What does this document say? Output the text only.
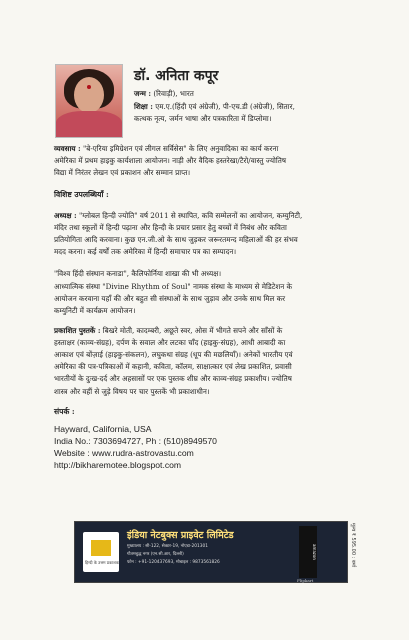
डॉ. अनिता कपूर
जन्म : (रिवाड़ी), भारत
शिक्षा : एम.ए.(हिंदी एवं अंग्रेजी), पी-एच.डी (अंग्रेजी), सितार,
कत्थक नृत्य, जर्मन भाषा और पत्रकारिता में डिप्लोमा।
व्यवसाय : "बे-एरिया इमिग्रेशन एवं लीगल सर्विसेस" के लिए अनुवादिका का कार्य करना
अमेरिका में प्रथम हाइकु कार्यशाला आयोजन। नाड़ी और वैदिक हस्तरेखा/टैरो/वास्तु ज्योतिष
विद्या में निरंतर लेखन एवं प्रकाशन और सम्मान प्राप्त।
विशिष्ट उपलब्धियाँ :
अध्यक्ष : "ग्लोबल हिन्दी ज्योति" वर्ष 2011 से स्थापित, कवि सम्मेलनों का आयोजन, कम्युनिटी,
मंदिर तथा स्कूलों में हिन्दी पढ़ाना और हिन्दी के प्रचार प्रसार हेतु बच्चों में निबंध और कविता
प्रतियोगिता आदि करवाना। कुछ एन.जी.ओ के साथ जुड़कर जरूरतमन्द महिलाओं की हर संभव
मदद करना। कई वर्षों तक अमेरिका में हिन्दी समाचार पत्र का सम्पादन।
"विश्व हिंदी संस्थान कनाडा", कैलिफोर्निया शाखा की भी अध्यक्ष।
आध्यात्मिक संस्था "Divine Rhythm of Soul" नामक संस्था के माध्यम से मेडिटेशन के
आयोजन करवाना यहाँ की और बहुत सी संस्थाओं के साथ जुड़ाव और उनके साथ मिल कर
कम्युनिटी में कार्यक्रम आयोजन।
प्रकाशित पुस्तकें : बिखरे मोती, कादम्बरी, अछूते स्वर, ओस में भीगते सपने और साँसों के
हस्ताक्षर (काव्य-संग्रह), दर्पण के सवाल और लटका चाँद (हाइकु-संग्रह), आधी आबादी का
आकाश एवं बोंज़ाई (हाइकु-संकलन), लघुकथा संग्रह (धूप की मछलियाँ)। अनेकों भारतीय एवं
अमेरिका की पत्र-पत्रिकाओं में कहानी, कविता, कॉलम, साक्षात्कार एवं लेख प्रकाशित, प्रवासी
भारतीयों के दुःख-दर्द और अहसासों पर एक पुस्तक शीघ्र और काव्य-संग्रह प्रकाशीय। ज्योतिष
शास्त्र और वहीं से जुड़े विषय पर चार पुस्तकें भी प्रकाशाधीन।
संपर्क :
Hayward, California, USA
India No.: 7303694727, Ph : (510)8949570
Website : www.rudra-astrovastu.com
http://bikharemotee.blogspot.com
हिन्दी के उत्तम प्रकाशक
इंडिया नेटबुक्स प्राइवेट लिमिटेड
मुख्यालय : सी-122, सेक्टर-19, नोएडा-201301
गौतमबुद्ध नगर (एन.सी.आर, दिल्ली)
फोन : +91-120437693, मोबाइल : 9873561826
amazon
Flipkart
मूल्य ₹ 595.00 : बर्मा
